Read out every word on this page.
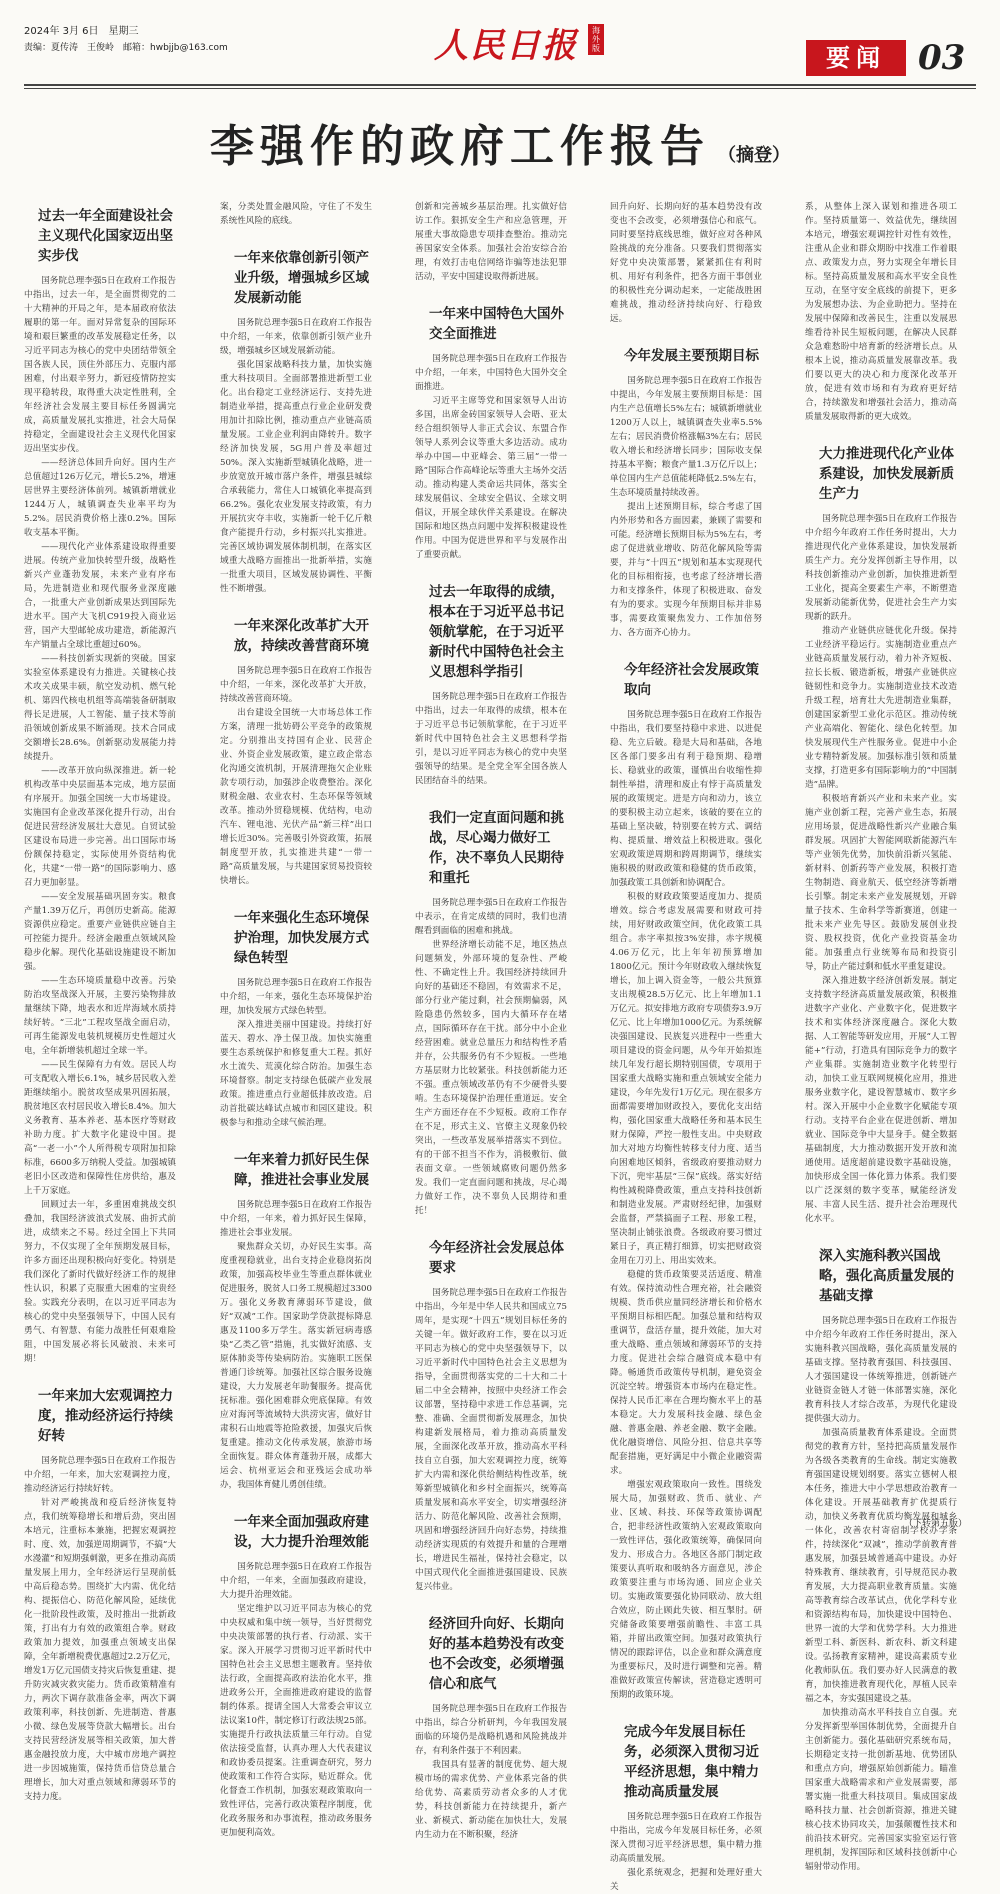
2024年 3月 6日　星期三
责编：夏传涛　王俊岭　邮箱：hwbjjb@163.com	人民日报	海外版	要闻 03
李强作的政府工作报告 （摘登）
过去一年全面建设社会主义现代化国家迈出坚实步伐

国务院总理李强5日在政府工作报告中指出，过去一年，是全面贯彻党的二十大精神的开局之年，是本届政府依法履职的第一年。面对异常复杂的国际环境和艰巨繁重的改革发展稳定任务，以习近平同志为核心的党中央团结带领全国各族人民，顶住外部压力、克服内部困难，付出艰辛努力，新冠疫情防控实现平稳转段，取得重大决定性胜利，全年经济社会发展主要目标任务圆满完成，高质量发展扎实推进，社会大局保持稳定，全面建设社会主义现代化国家迈出坚实步伐。

——经济总体回升向好。国内生产总值超过126万亿元，增长5.2%，增速居世界主要经济体前列。城镇新增就业1244万人，城镇调查失业率平均为5.2%。居民消费价格上涨0.2%。国际收支基本平衡。

——现代化产业体系建设取得重要进展。传统产业加快转型升级，战略性新兴产业蓬勃发展，未来产业有序布局，先进制造业和现代服务业深度融合，一批重大产业创新成果达到国际先进水平。国产大飞机C919投入商业运营，国产大型邮轮成功建造，新能源汽车产销量占全球比重超过60%。

——科技创新实现新的突破。国家实验室体系建设有力推进。关键核心技术攻关成果丰硕，航空发动机、燃气轮机、第四代核电机组等高端装备研制取得长足进展，人工智能、量子技术等前沿领域创新成果不断涌现。技术合同成交额增长28.6%。创新驱动发展能力持续提升。

——改革开放向纵深推进。新一轮机构改革中央层面基本完成，地方层面有序展开。加强全国统一大市场建设。实施国有企业改革深化提升行动，出台促进民营经济发展壮大意见。自贸试验区建设布局进一步完善。出口国际市场份额保持稳定，实际使用外资结构优化，共建“一带一路”的国际影响力、感召力更加彰显。

——安全发展基础巩固夯实。粮食产量1.39万亿斤，再创历史新高。能源资源供应稳定。重要产业链供应链自主可控能力提升。经济金融重点领域风险稳步化解。现代化基础设施建设不断加强。

——生态环境质量稳中改善。污染防治攻坚战深入开展，主要污染物排放量继续下降，地表水和近岸海域水质持续好转。“三北”工程攻坚战全面启动，可再生能源发电装机规模历史性超过火电，全年新增装机超过全球一半。

——民生保障有力有效。居民人均可支配收入增长6.1%，城乡居民收入差距继续缩小。脱贫攻坚成果巩固拓展，脱贫地区农村居民收入增长8.4%。加大义务教育、基本养老、基本医疗等财政补助力度。扩大数字化建设中国。提高“一老一小”个人所得税专项附加扣除标准，6600多万纳税人受益。加强城镇老旧小区改造和保障性住房供给，惠及上千万家庭。

回顾过去一年，多重困难挑战交织叠加，我国经济波浪式发展、曲折式前进，成绩来之不易。经过全国上下共同努力，不仅实现了全年预期发展目标，许多方面还出现积极向好变化。特别是我们深化了新时代做好经济工作的规律性认识，积累了克服重大困难的宝贵经验。实践充分表明，在以习近平同志为核心的党中央坚强领导下，中国人民有勇气、有智慧、有能力战胜任何艰难险阻，中国发展必将长风破浪、未来可期！

一年来加大宏观调控力度，推动经济运行持续好转

国务院总理李强5日在政府工作报告中介绍，一年来，加大宏观调控力度，推动经济运行持续好转。

针对严峻挑战和疫后经济恢复特点，我们统筹稳增长和增后劲，突出固本培元，注重标本兼施，把握宏观调控时、度、效，加强逆周期调节，不搞“大水漫灌”和短期强刺激，更多在推动高质量发展上用力，全年经济运行呈现前低中高后稳态势。围绕扩大内需、优化结构、提振信心、防范化解风险，延续优化一批阶段性政策，及时推出一批新政策，打出有力有效的政策组合拳。财政政策加力提效，加强重点领域支出保障，全年新增税费优惠超过2.2万亿元，增发1万亿元国债支持灾后恢复重建、提升防灾减灾救灾能力。货币政策精准有力，两次下调存款准备金率，两次下调政策利率，科技创新、先进制造、普惠小微、绿色发展等贷款大幅增长。出台支持民营经济发展等相关政策，加大普惠金融投放力度，大中城市房地产调控进一步因城施策，保持货币信贷总量合理增长，加大对重点领域和薄弱环节的支持力度。

案，分类处置金融风险，守住了不发生系统性风险的底线。
一年来依靠创新引领产业升级，增强城乡区域发展新动能

国务院总理李强5日在政府工作报告中介绍，一年来，依靠创新引领产业升级，增强城乡区域发展新动能。

强化国家战略科技力量，加快实施重大科技项目。全面部署推进新型工业化。出台稳定工业经济运行、支持先进制造业举措，提高重点行业企业研发费用加计扣除比例，推动重点产业链高质量发展。工业企业利润由降转升。数字经济加快发展，5G用户普及率超过50%。深入实施新型城镇化战略，进一步放宽放开城市落户条件，增强县城综合承载能力，常住人口城镇化率提高到66.2%。强化农业发展支持政策，有力开展抗灾夺丰收，实施新一轮千亿斤粮食产能提升行动，乡村振兴扎实推进。完善区域协调发展体制机制，在落实区域重大战略方面推出一批新举措，实施一批重大项目，区域发展协调性、平衡性不断增强。

一年来深化改革扩大开放，持续改善营商环境

国务院总理李强5日在政府工作报告中介绍，一年来，深化改革扩大开放，持续改善营商环境。

出台建设全国统一大市场总体工作方案，清理一批妨碍公平竞争的政策规定。分别推出支持国有企业、民营企业、外资企业发展政策，建立政企常态化沟通交流机制，开展清理拖欠企业账款专项行动，加强涉企收费整治。深化财税金融、农业农村、生态环保等领域改革。推动外贸稳规模、优结构，电动汽车、锂电池、光伏产品“新三样”出口增长近30%。完善吸引外资政策，拓展制度型开放，扎实推进共建“一带一路”高质量发展，与共建国家贸易投资较快增长。

一年来强化生态环境保护治理，加快发展方式绿色转型

国务院总理李强5日在政府工作报告中介绍，一年来，强化生态环境保护治理，加快发展方式绿色转型。

深入推进美丽中国建设。持续打好蓝天、碧水、净土保卫战。加快实施重要生态系统保护和修复重大工程。抓好水土流失、荒漠化综合防治。加强生态环境督察。制定支持绿色低碳产业发展政策。推进重点行业超低排放改造。启动首批碳达峰试点城市和园区建设。积极参与和推动全球气候治理。

一年来着力抓好民生保障，推进社会事业发展

国务院总理李强5日在政府工作报告中介绍，一年来，着力抓好民生保障，推进社会事业发展。

聚焦群众关切，办好民生实事。高度重视稳就业，出台支持企业稳岗拓岗政策，加强高校毕业生等重点群体就业促进服务，脱贫人口务工规模超过3300万。强化义务教育薄弱环节建设，做好“双减”工作。国家助学贷款提标降息惠及1100多万学生。落实新冠病毒感染“乙类乙管”措施，扎实做好流感、支原体肺炎等传染病防治。实施职工医保普通门诊统筹。加强社区综合服务设施建设，大力发展老年助餐服务。提高优抚标准。强化困难群众兜底保障。有效应对海河等流域特大洪涝灾害，做好甘肃积石山地震等抢险救援，加强灾后恢复重建。推动文化传承发展，旅游市场全面恢复。群众体育蓬勃开展，成都大运会、杭州亚运会和亚残运会成功举办，我国体育健儿勇创佳绩。

一年来全面加强政府建设，大力提升治理效能

国务院总理李强5日在政府工作报告中介绍，一年来，全面加强政府建设，大力提升治理效能。

坚定维护以习近平同志为核心的党中央权威和集中统一领导，当好贯彻党中央决策部署的执行者、行动派、实干家。深入开展学习贯彻习近平新时代中国特色社会主义思想主题教育。坚持依法行政，全面提高政府法治化水平，推进政务公开，全面推进政府建设的监督制约体系。提请全国人大常委会审议立法议案10件，制定修订行政法规25部。实施提升行政执法质量三年行动。自觉依法接受监督，认真办理人大代表建议和政协委员提案。注重调查研究，努力使政策和工作符合实际，贴近群众。优化督查工作机制，加强宏观政策取向一致性评估，完善行政决策程序制度，优化政务服务和办事流程，推动政务服务更加便利高效。

创新和完善城乡基层治理。扎实做好信访工作。狠抓安全生产和应急管理，开展重大事故隐患专项排查整治。推动完善国家安全体系。加强社会治安综合治理，有效打击电信网络诈骗等违法犯罪活动，平安中国建设取得新进展。
一年来中国特色大国外交全面推进

国务院总理李强5日在政府工作报告中介绍，一年来，中国特色大国外交全面推进。

习近平主席等党和国家领导人出访多国，出席金砖国家领导人会晤、亚太经合组织领导人非正式会议、东盟合作领导人系列会议等重大多边活动。成功举办中国—中亚峰会、第三届“一带一路”国际合作高峰论坛等重大主场外交活动。推动构建人类命运共同体，落实全球发展倡议、全球安全倡议、全球文明倡议，开展全球伙伴关系建设。在解决国际和地区热点问题中发挥积极建设性作用。中国为促进世界和平与发展作出了重要贡献。

过去一年取得的成绩，根本在于习近平总书记领航掌舵，在于习近平新时代中国特色社会主义思想科学指引

国务院总理李强5日在政府工作报告中指出，过去一年取得的成绩，根本在于习近平总书记领航掌舵，在于习近平新时代中国特色社会主义思想科学指引，是以习近平同志为核心的党中央坚强领导的结果。是全党全军全国各族人民团结奋斗的结果。

我们一定直面问题和挑战，尽心竭力做好工作，决不辜负人民期待和重托

国务院总理李强5日在政府工作报告中表示，在肯定成绩的同时，我们也清醒看到面临的困难和挑战。

世界经济增长动能不足，地区热点问题频发，外部环境的复杂性、严峻性、不确定性上升。我国经济持续回升向好的基础还不稳固，有效需求不足，部分行业产能过剩，社会预期偏弱，风险隐患仍然较多，国内大循环存在堵点，国际循环存在干扰。部分中小企业经营困难。就业总量压力和结构性矛盾并存，公共服务仍有不少短板。一些地方基层财力比较紧张。科技创新能力还不强。重点领域改革仍有不少硬骨头要啃。生态环境保护治理任重道远。安全生产方面还存在不少短板。政府工作存在不足，形式主义、官僚主义现象仍较突出，一些改革发展举措落实不到位。有的干部不担当不作为，消极敷衍、做表面文章。一些领域腐败问题仍然多发。我们一定直面问题和挑战，尽心竭力做好工作，决不辜负人民期待和重托！

今年经济社会发展总体要求

国务院总理李强5日在政府工作报告中指出，今年是中华人民共和国成立75周年，是实现“十四五”规划目标任务的关键一年。做好政府工作，要在以习近平同志为核心的党中央坚强领导下，以习近平新时代中国特色社会主义思想为指导，全面贯彻落实党的二十大和二十届二中全会精神，按照中央经济工作会议部署，坚持稳中求进工作总基调，完整、准确、全面贯彻新发展理念，加快构建新发展格局，着力推动高质量发展，全面深化改革开放，推动高水平科技自立自强，加大宏观调控力度，统筹扩大内需和深化供给侧结构性改革，统筹新型城镇化和乡村全面振兴，统筹高质量发展和高水平安全，切实增强经济活力、防范化解风险、改善社会预期，巩固和增强经济回升向好态势，持续推动经济实现质的有效提升和量的合理增长，增进民生福祉，保持社会稳定，以中国式现代化全面推进强国建设、民族复兴伟业。

经济回升向好、长期向好的基本趋势没有改变也不会改变，必须增强信心和底气

国务院总理李强5日在政府工作报告中指出，综合分析研判，今年我国发展面临的环境仍是战略机遇和风险挑战并存，有利条件强于不利因素。

我国具有显著的制度优势、超大规模市场的需求优势、产业体系完备的供给优势、高素质劳动者众多的人才优势，科技创新能力在持续提升，新产业、新模式、新动能在加快壮大，发展内生动力在不断积聚，经济

回升向好、长期向好的基本趋势没有改变也不会改变，必须增强信心和底气。同时要坚持底线思维，做好应对各种风险挑战的充分准备。只要我们贯彻落实好党中央决策部署，紧紧抓住有利时机、用好有利条件，把各方面干事创业的积极性充分调动起来，一定能战胜困难挑战，推动经济持续向好、行稳致远。
今年发展主要预期目标

国务院总理李强5日在政府工作报告中提出，今年发展主要预期目标是：国内生产总值增长5%左右；城镇新增就业1200万人以上，城镇调查失业率5.5%左右；居民消费价格涨幅3%左右；居民收入增长和经济增长同步；国际收支保持基本平衡；粮食产量1.3万亿斤以上；单位国内生产总值能耗降低2.5%左右，生态环境质量持续改善。

提出上述预期目标，综合考虑了国内外形势和各方面因素，兼顾了需要和可能。经济增长预期目标为5%左右，考虑了促进就业增收、防范化解风险等需要，并与“十四五”规划和基本实现现代化的目标相衔接，也考虑了经济增长潜力和支撑条件，体现了积极进取、奋发有为的要求。实现今年预期目标并非易事，需要政策聚焦发力、工作加倍努力、各方面齐心协力。

今年经济社会发展政策取向

国务院总理李强5日在政府工作报告中指出，我们要坚持稳中求进、以进促稳、先立后破。稳是大局和基础，各地区各部门要多出有利于稳预期、稳增长、稳就业的政策，谨慎出台收缩性抑制性举措，清理和废止有悖于高质量发展的政策规定。进是方向和动力，该立的要积极主动立起来，该破的要在立的基础上坚决破，特别要在转方式、调结构、提质量、增效益上积极进取。强化宏观政策逆周期和跨周期调节，继续实施积极的财政政策和稳健的货币政策，加强政策工具创新和协调配合。

积极的财政政策要适度加力、提质增效。综合考虑发展需要和财政可持续，用好财政政策空间，优化政策工具组合。赤字率拟按3%安排，赤字规模4.06万亿元，比上年年初预算增加1800亿元。预计今年财政收入继续恢复增长，加上调入资金等，一般公共预算支出规模28.5万亿元、比上年增加1.1万亿元。拟安排地方政府专项债券3.9万亿元、比上年增加1000亿元。为系统解决强国建设、民族复兴进程中一些重大项目建设的资金问题，从今年开始拟连续几年发行超长期特别国债，专项用于国家重大战略实施和重点领域安全能力建设，今年先发行1万亿元。现在很多方面都需要增加财政投入，要优化支出结构，强化国家重大战略任务和基本民生财力保障，严控一般性支出。中央财政加大对地方均衡性转移支付力度、适当向困难地区倾斜，省级政府要推动财力下沉，兜牢基层“三保”底线。落实好结构性减税降费政策，重点支持科技创新和制造业发展。严肃财经纪律，加强财会监督，严禁搞面子工程、形象工程，坚决制止铺张浪费。各级政府要习惯过紧日子，真正精打细算，切实把财政资金用在刀刃上、用出实效来。

稳健的货币政策要灵活适度、精准有效。保持流动性合理充裕，社会融资规模、货币供应量同经济增长和价格水平预期目标相匹配。加强总量和结构双重调节，盘活存量，提升效能，加大对重大战略、重点领域和薄弱环节的支持力度。促进社会综合融资成本稳中有降。畅通货币政策传导机制，避免资金沉淀空转。增强资本市场内在稳定性。保持人民币汇率在合理均衡水平上的基本稳定。大力发展科技金融、绿色金融、普惠金融、养老金融、数字金融。优化融资增信、风险分担、信息共享等配套措施，更好满足中小微企业融资需求。

增强宏观政策取向一致性。围绕发展大局，加强财政、货币、就业、产业、区域、科技、环保等政策协调配合，把非经济性政策纳入宏观政策取向一致性评估，强化政策统筹，确保同向发力、形成合力。各地区各部门制定政策要认真听取和吸纳各方面意见，涉企政策要注重与市场沟通、回应企业关切。实施政策要强化协同联动、放大组合效应，防止顾此失彼、相互掣肘。研究储备政策要增强前瞻性、丰富工具箱，并留出政策空间。加强对政策执行情况的跟踪评估，以企业和群众满意度为重要标尺，及时进行调整和完善。精准做好政策宣传解读，营造稳定透明可预期的政策环境。

完成今年发展目标任务，必须深入贯彻习近平经济思想，集中精力推动高质量发展

国务院总理李强5日在政府工作报告中指出，完成今年发展目标任务，必须深入贯彻习近平经济思想，集中精力推动高质量发展。

强化系统观念，把握和处理好重大关

系，从整体上深入谋划和推进各项工作。坚持质量第一、效益优先，继续固本培元，增强宏观调控针对性有效性，注重从企业和群众期盼中找准工作着眼点、政策发力点，努力实现全年增长目标。坚持高质量发展和高水平安全良性互动，在坚守安全底线的前提下，更多为发展想办法、为企业助把力。坚持在发展中保障和改善民生，注重以发展思维看待补民生短板问题，在解决人民群众急难愁盼中培育新的经济增长点。从根本上说，推动高质量发展靠改革。我们要以更大的决心和力度深化改革开放，促进有效市场和有为政府更好结合，持续激发和增强社会活力，推动高质量发展取得新的更大成效。
大力推进现代化产业体系建设，加快发展新质生产力

国务院总理李强5日在政府工作报告中介绍今年政府工作任务时提出，大力推进现代化产业体系建设，加快发展新质生产力。充分发挥创新主导作用，以科技创新推动产业创新，加快推进新型工业化，提高全要素生产率，不断塑造发展新动能新优势，促进社会生产力实现新的跃升。

推动产业链供应链优化升级。保持工业经济平稳运行。实施制造业重点产业链高质量发展行动，着力补齐短板、拉长长板、锻造新板，增强产业链供应链韧性和竞争力。实施制造业技术改造升级工程，培育壮大先进制造业集群，创建国家新型工业化示范区。推动传统产业高端化、智能化、绿色化转型。加快发展现代生产性服务业。促进中小企业专精特新发展。加强标准引领和质量支撑，打造更多有国际影响力的“中国制造”品牌。

积极培育新兴产业和未来产业。实施产业创新工程，完善产业生态，拓展应用场景，促进战略性新兴产业融合集群发展。巩固扩大智能网联新能源汽车等产业领先优势，加快前沿新兴氢能、新材料、创新药等产业发展，积极打造生物制造、商业航天、低空经济等新增长引擎。制定未来产业发展规划，开辟量子技术、生命科学等新赛道，创建一批未来产业先导区。鼓励发展创业投资、股权投资，优化产业投资基金功能。加强重点行业统筹布局和投资引导，防止产能过剩和低水平重复建设。

深入推进数字经济创新发展。制定支持数字经济高质量发展政策，积极推进数字产业化、产业数字化，促进数字技术和实体经济深度融合。深化大数据、人工智能等研发应用，开展“人工智能+”行动，打造具有国际竞争力的数字产业集群。实施制造业数字化转型行动，加快工业互联网规模化应用，推进服务业数字化，建设智慧城市、数字乡村。深入开展中小企业数字化赋能专项行动。支持平台企业在促进创新、增加就业、国际竞争中大显身手。健全数据基础制度，大力推动数据开发开放和流通使用。适度超前建设数字基础设施，加快形成全国一体化算力体系。我们要以广泛深刻的数字变革，赋能经济发展、丰富人民生活、提升社会治理现代化水平。

深入实施科教兴国战略，强化高质量发展的基础支撑

国务院总理李强5日在政府工作报告中介绍今年政府工作任务时提出，深入实施科教兴国战略，强化高质量发展的基础支撑。坚持教育强国、科技强国、人才强国建设一体统筹推进，创新链产业链资金链人才链一体部署实施，深化教育科技人才综合改革，为现代化建设提供强大动力。

加强高质量教育体系建设。全面贯彻党的教育方针，坚持把高质量发展作为各级各类教育的生命线。制定实施教育强国建设规划纲要。落实立德树人根本任务，推进大中小学思想政治教育一体化建设。开展基础教育扩优提质行动，加快义务教育优质均衡发展和城乡一体化，改善农村寄宿制学校办学条件，持续深化“双减”，推动学前教育普惠发展，加强县域普通高中建设。办好特殊教育、继续教育，引导规范民办教育发展，大力提高职业教育质量。实施高等教育综合改革试点，优化学科专业和资源结构布局，加快建设中国特色、世界一流的大学和优势学科。大力推进新型工科、新医科、新农科、新文科建设。弘扬教育家精神，建设高素质专业化教师队伍。我们要办好人民满意的教育，加快推进教育现代化，厚植人民幸福之本，夯实强国建设之基。

加快推动高水平科技自立自强。充分发挥新型举国体制优势，全面提升自主创新能力。强化基础研究系统布局，长期稳定支持一批创新基地、优势团队和重点方向，增强原始创新能力。瞄准国家重大战略需求和产业发展需要，部署实施一批重大科技项目。集成国家战略科技力量、社会创新资源，推进关键核心技术协同攻关，加强颠覆性技术和前沿技术研究。完善国家实验室运行管理机制，发挥国际和区域科技创新中心辐射带动作用。

（下转第五版）
